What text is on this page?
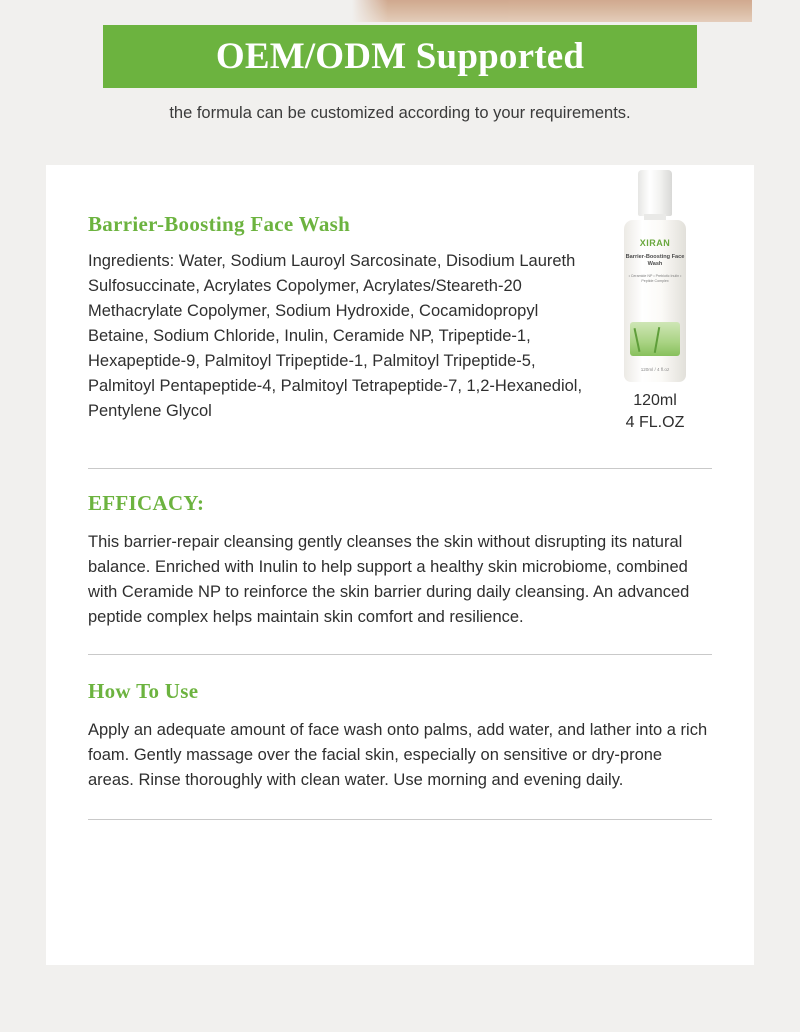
OEM/ODM Supported
the formula can be customized according to your requirements.
Barrier-Boosting Face Wash
Ingredients: Water, Sodium Lauroyl Sarcosinate, Disodium Laureth Sulfosuccinate, Acrylates Copolymer, Acrylates/Steareth-20 Methacrylate Copolymer, Sodium Hydroxide, Cocamidopropyl Betaine, Sodium Chloride, Inulin, Ceramide NP, Tripeptide-1, Hexapeptide-9, Palmitoyl Tripeptide-1, Palmitoyl Tripeptide-5, Palmitoyl Pentapeptide-4, Palmitoyl Tetrapeptide-7, 1,2-Hexanediol, Pentylene Glycol
XIRAN
Barrier-Boosting Face Wash
• Ceramide NP • Prebiotic Inulin • Peptide Complex
120ml / 4 fl.oz
120ml
4 FL.OZ
EFFICACY:
This barrier-repair cleansing gently cleanses the skin without disrupting its natural balance. Enriched with Inulin to help support a healthy skin microbiome, combined with Ceramide NP to reinforce the skin barrier during daily cleansing. An advanced peptide complex helps maintain skin comfort and resilience.
How To Use
Apply an adequate amount of face wash onto palms, add water, and lather into a rich foam. Gently massage over the facial skin, especially on sensitive or dry-prone areas. Rinse thoroughly with clean water. Use morning and evening daily.
